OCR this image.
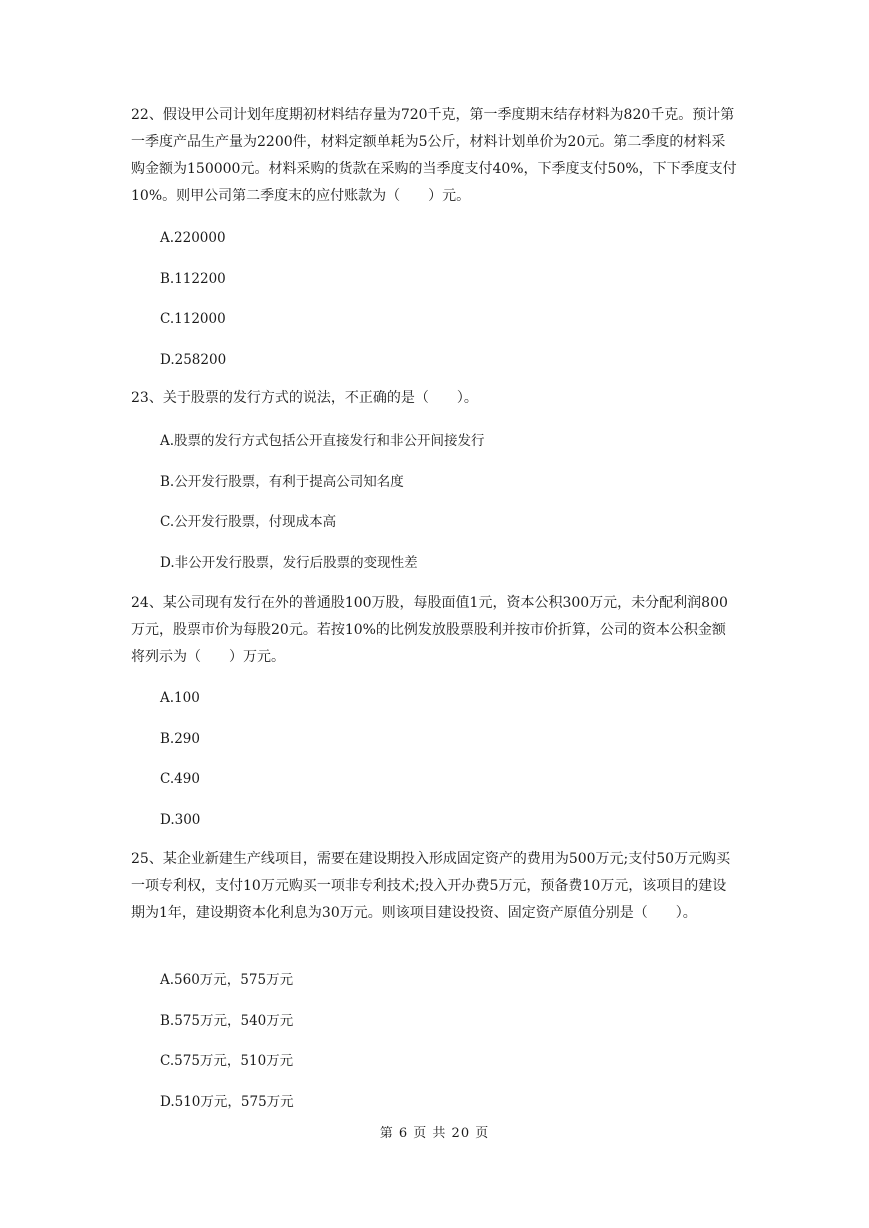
22、假设甲公司计划年度期初材料结存量为720千克，第一季度期末结存材料为820千克。预计第一季度产品生产量为2200件，材料定额单耗为5公斤，材料计划单价为20元。第二季度的材料采购金额为150000元。材料采购的货款在采购的当季度支付40%，下季度支付50%，下下季度支付10%。则甲公司第二季度末的应付账款为（　　）元。

A.220000

B.112200

C.112000

D.258200

23、关于股票的发行方式的说法，不正确的是（　　）。

A.股票的发行方式包括公开直接发行和非公开间接发行

B.公开发行股票，有利于提高公司知名度

C.公开发行股票，付现成本高

D.非公开发行股票，发行后股票的变现性差

24、某公司现有发行在外的普通股100万股，每股面值1元，资本公积300万元，未分配利润800万元，股票市价为每股20元。若按10%的比例发放股票股利并按市价折算，公司的资本公积金额将列示为（　　）万元。

A.100

B.290

C.490

D.300

25、某企业新建生产线项目，需要在建设期投入形成固定资产的费用为500万元;支付50万元购买一项专利权，支付10万元购买一项非专利技术;投入开办费5万元，预备费10万元，该项目的建设期为1年，建设期资本化利息为30万元。则该项目建设投资、固定资产原值分别是（　　）。

A.560万元，575万元

B.575万元，540万元

C.575万元，510万元

D.510万元，575万元

第 6 页 共 20 页
